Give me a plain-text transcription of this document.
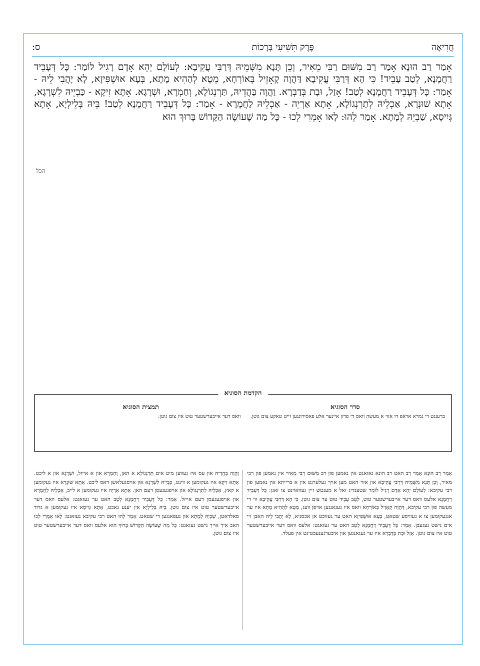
חֲרִיאָה
פֶּרֶק תִּשִׁיעִי בְּרָכוֹת
ס:
אָמַר רַב הוּנָא אָמַר רַב מִשּׁוּם רַבִּי מֵאִיר, וְכֵן תָּנָא מִשְּׁמֵיהּ דְּרַבִּי עֲקִיבָא: לְעוֹלָם יְהֵא אָדָם רָגִיל לוֹמַר: כָּל דְּעָבֵיד רַחֲמָנָא, לְטַב עָבֵיד! כִּי הָא דְּרַבִּי עֲקִיבָא דַּהֲוָה קָאָזֵיל בְּאוֹרְחָא, מְטָא לְהַהִיא מָתָא, בְּעָא אוּשְׁפִּיזָא, לָא יָהֲבִי לֵיהּ - אָמַר: כָּל דְּעָבֵיד רַחֲמָנָא לְטַב! אָזַל, וּבָת בְּדַבְרָא. וַהֲוָה בַּהֲדֵיהּ, תַּרְנְגוֹלָא, וְחַמְרָא, וּשְׁרָגָא. אָתָא זִיקָא - כַּבְיֵיהּ לִשְׁרָגָא, אָתָא שׁוּנְרָא, אַכְלֵיהּ לְתַרְנְגוֹלָא, אָתָא אַרְיֵה - אַכְלֵיהּ לַחֲמָרָא - אָמַר: כָּל דְּעָבֵיד רַחֲמָנָא לְטַב! בֵּיהּ בְּלֵילְיָא, אָתָא גְּיִיסָא, שַׁבְיֵהּ לְמָתָא. אָמַר לְהוּ: לָאו אָמְרִי לְכוּ - כָּל מַה שֶׁעוֹשֶׂה הַקָּדוֹשׁ בָּרוּךְ הוּא
הכל
הקדמת הסוגיא
סדר הסוגיא

ברענגט די גמרא אראפ דו אזוי א מעשה וואס די פרזן איינער אלע פאסירונגען זייט טאקע צום גוטן.

תמצית הסוגיא

וואס דער אייבערשטער טוט איז צום גוטן.

אָמַר רַב הוּנָא אָמַר רַב האט רב הונא גאזאגט אין נאמען פון רב מִשּׁוּם רַבִּי מֵאִיר אין נאמען פון רבי מאיר, וְכֵן תָּנָא מִשְּׁמֵיהּ דְּרַבִּי עֲקִיבָא און אזוי האט מען אויך געלערנט אין א ברייתא אין נאמען פון רבי עקיבא: לְעוֹלָם יְהֵא אָדָם רָגִיל לוֹמַר שטענדיג זאל א מענטש זיין געוואוינט צו זאגן: כָּל דְּעָבֵיד רַחֲמָנָא אלעס וואס דער אייבערשטער טוט, לְטַב עָבֵיד טוט ער צום גוטן. כִּי הָא דְּרַבִּי עֲקִיבָא ווי די מעשה פון רבי עקיבא, דַּהֲוָה קָאָזֵיל בְּאוֹרְחָא וואס איז געגאנגען אויפן וועג, מְטָא לְהַהִיא מָתָא איז ער אנגעקומען צו א געוויסע שטאט, בְּעָא אוּשְׁפִּיזָא האט ער געזוכט אן אכסניא, לָא יָהֲבִי לֵיהּ האבן זיי אים נישט געגעבן. אָמַר: כָּל דְּעָבֵיד רַחֲמָנָא לְטַב האט ער געזאגט: אלעס וואס דער אייבערשטער טוט איז צום גוטן. אָזַל וּבָת בְּדַבְרָא איז ער געגאנגען און איבערגענעכטיגט אין פעלד.

וַהֲוָה בַּהֲדֵיהּ און עס איז געווען מיט אים תַּרְנְגוֹלָא א האן, וְחַמְרָא און א אייזל, וּשְׁרָגָא און א ליכט. אָתָא זִיקָא איז געקומען א ווינט, כַּבְיֵיהּ לִשְׁרָגָא און אויסגעלאשן דאס ליכט. אָתָא שׁוּנְרָא איז געקומען א קאץ, אַכְלֵיהּ לְתַרְנְגוֹלָא און אויפגעגעסן דעם האן. אָתָא אַרְיֵה איז געקומען א לייב, אַכְלֵיהּ לַחֲמָרָא און אויפגעגעסן דעם אייזל. אָמַר: כָּל דְּעָבֵיד רַחֲמָנָא לְטַב האט ער געזאגט: אלעס וואס דער אייבערשטער טוט איז צום גוטן. בֵּיהּ בְּלֵילְיָא אין יענע נאכט, אָתָא גְּיִיסָא איז געקומען א גדוד סאלדאטן, שַׁבְיֵהּ לְמָתָא און געפאנגען די שטאט. אָמַר לְהוּ האט רבי עקיבא געזאגט: לָאו אָמְרִי לְכוּ האב איך אייך נישט געזאגט: כָּל מַה שֶׁעוֹשֶׂה הַקָּדוֹשׁ בָּרוּךְ הוּא אלעס וואס דער אייבערשטער טוט איז צום גוטן.
